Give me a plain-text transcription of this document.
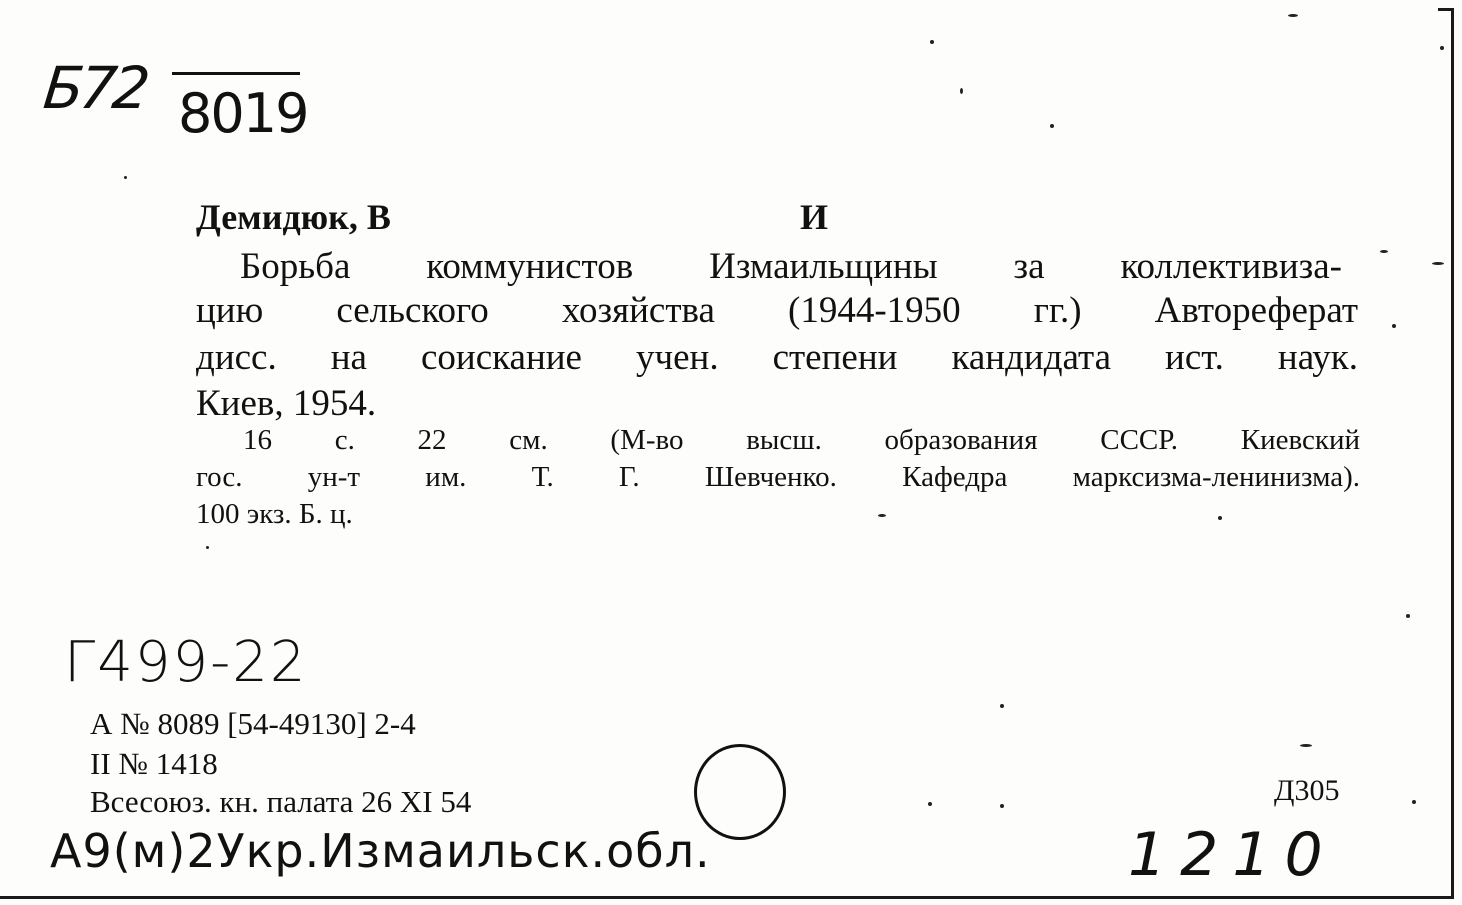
Б72 8019
Демидюк, В	И
Борьба коммунистов Измаильщины за коллективиза-
цию сельского хозяйства (1944-1950 гг.) Автореферат
дисс. на соискание учен. степени кандидата ист. наук.
Киев, 1954.
16 с. 22 см. (М-во высш. образования СССР. Киевский
гос. ун-т им. Т. Г. Шевченко. Кафедра марксизма-ленинизма).
100 экз. Б. ц.
Г499-22
А № 8089 [54-49130] 2-4
II № 1418
Всесоюз. кн. палата 26 XI 54	Д305
А9(м)2Укр.Измаильск.обл.	1210
